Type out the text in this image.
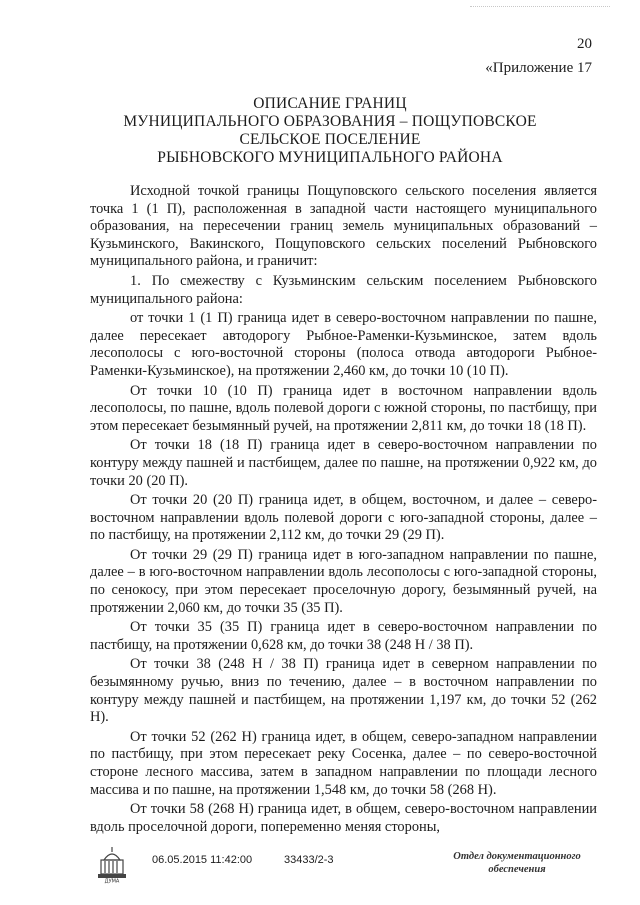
20
«Приложение 17
ОПИСАНИЕ ГРАНИЦ
МУНИЦИПАЛЬНОГО ОБРАЗОВАНИЯ – ПОЩУПОВСКОЕ
СЕЛЬСКОЕ ПОСЕЛЕНИЕ
РЫБНОВСКОГО МУНИЦИПАЛЬНОГО РАЙОНА

Исходной точкой границы Пощуповского сельского поселения является точка 1 (1 П), расположенная в западной части настоящего муниципального образования, на пересечении границ земель муниципальных образований – Кузьминского, Вакинского, Пощуповского сельских поселений Рыбновского муниципального района, и граничит:

1. По смежеству с Кузьминским сельским поселением Рыбновского муниципального района:

от точки 1 (1 П) граница идет в северо-восточном направлении по пашне, далее пересекает автодорогу Рыбное-Раменки-Кузьминское, затем вдоль лесополосы с юго-восточной стороны (полоса отвода автодороги Рыбное-Раменки-Кузьминское), на протяжении 2,460 км, до точки 10 (10 П).

От точки 10 (10 П) граница идет в восточном направлении вдоль лесополосы, по пашне, вдоль полевой дороги с южной стороны, по пастбищу, при этом пересекает безымянный ручей, на протяжении 2,811 км, до точки 18 (18 П).

От точки 18 (18 П) граница идет в северо-восточном направлении по контуру между пашней и пастбищем, далее по пашне, на протяжении 0,922 км, до точки 20 (20 П).

От точки 20 (20 П) граница идет, в общем, восточном, и далее – северо-восточном направлении вдоль полевой дороги с юго-западной стороны, далее – по пастбищу, на протяжении 2,112 км, до точки 29 (29 П).

От точки 29 (29 П) граница идет в юго-западном направлении по пашне, далее – в юго-восточном направлении вдоль лесополосы с юго-западной стороны, по сенокосу, при этом пересекает проселочную дорогу, безымянный ручей, на протяжении 2,060 км, до точки 35 (35 П).

От точки 35 (35 П) граница идет в северо-восточном направлении по пастбищу, на протяжении 0,628 км, до точки 38 (248 Н / 38 П).

От точки 38 (248 Н / 38 П) граница идет в северном направлении по безымянному ручью, вниз по течению, далее – в восточном направлении по контуру между пашней и пастбищем, на протяжении 1,197 км, до точки 52 (262 Н).

От точки 52 (262 Н) граница идет, в общем, северо-западном направлении по пастбищу, при этом пересекает реку Сосенка, далее – по северо-восточной стороне лесного массива, затем в западном направлении по площади лесного массива и по пашне, на протяжении 1,548 км, до точки 58 (268 Н).

От точки 58 (268 Н) граница идет, в общем, северо-восточном направлении вдоль проселочной дороги, попеременно меняя стороны,

ДУМА
06.05.2015 11:42:00	33433/2-3	Отдел документационного
обеспечения
